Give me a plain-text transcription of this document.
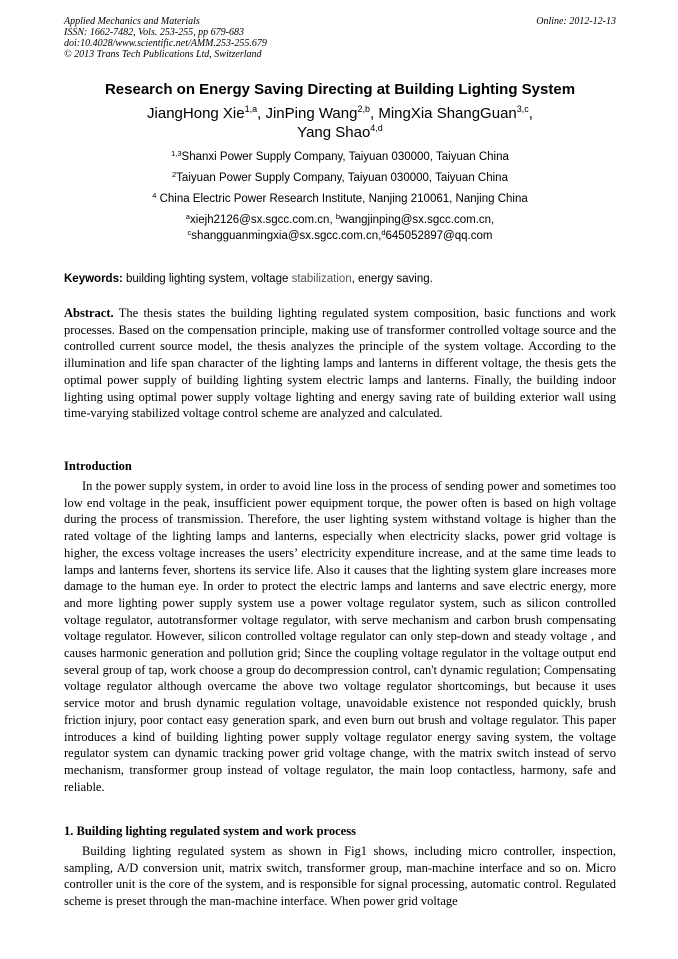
Applied Mechanics and Materials
ISSN: 1662-7482, Vols. 253-255, pp 679-683
doi:10.4028/www.scientific.net/AMM.253-255.679
© 2013 Trans Tech Publications Ltd, Switzerland
Online: 2012-12-13
Research on Energy Saving Directing at Building Lighting System
JiangHong Xie$^{1,a}$, JinPing Wang$^{2,b}$, MingXia ShangGuan$^{3,c}$,
Yang Shao$^{4,d}$
$^{1,3}$Shanxi Power Supply Company, Taiyuan 030000, Taiyuan China
$^2$Taiyuan Power Supply Company, Taiyuan 030000, Taiyuan China
$^4$ China Electric Power Research Institute, Nanjing 210061, Nanjing China
$^a$xiejh2126@sx.sgcc.com.cn, $^b$wangjinping@sx.sgcc.com.cn,
$^c$shangguanmingxia@sx.sgcc.com.cn,$^d$645052897@qq.com
Keywords: building lighting system, voltage stabilization, energy saving.
Abstract. The thesis states the building lighting regulated system composition, basic functions and work processes. Based on the compensation principle, making use of transformer controlled voltage source and the controlled current source model, the thesis analyzes the principle of the system voltage. According to the illumination and life span character of the lighting lamps and lanterns in different voltage, the thesis gets the optimal power supply of building lighting system electric lamps and lanterns. Finally, the building indoor lighting using optimal power supply voltage lighting and energy saving rate of building exterior wall using time-varying stabilized voltage control scheme are analyzed and calculated.
Introduction
In the power supply system, in order to avoid line loss in the process of sending power and sometimes too low end voltage in the peak, insufficient power equipment torque, the power often is based on high voltage during the process of transmission. Therefore, the user lighting system withstand voltage is higher than the rated voltage of the lighting lamps and lanterns, especially when electricity slacks, power grid voltage is higher, the excess voltage increases the users’ electricity expenditure increase, and at the same time leads to lamps and lanterns fever, shortens its service life. Also it causes that the lighting system glare increases more damage to the human eye. In order to protect the electric lamps and lanterns and save electric energy, more and more lighting power supply system use a power voltage regulator system, such as silicon controlled voltage regulator, autotransformer voltage regulator, with serve mechanism and carbon brush compensating voltage regulator. However, silicon controlled voltage regulator can only step-down and steady voltage , and causes harmonic generation and pollution grid; Since the coupling voltage regulator in the voltage output end several group of tap, work choose a group do decompression control, can't dynamic regulation; Compensating voltage regulator although overcame the above two voltage regulator shortcomings, but because it uses service motor and brush dynamic regulation voltage, unavoidable existence not responded quickly, brush friction injury, poor contact easy generation spark, and even burn out brush and voltage regulator. This paper introduces a kind of building lighting power supply voltage regulator energy saving system, the voltage regulator system can dynamic tracking power grid voltage change, with the matrix switch instead of servo mechanism, transformer group instead of voltage regulator, the main loop contactless, harmony, safe and reliable.
1. Building lighting regulated system and work process
Building lighting regulated system as shown in Fig1 shows, including micro controller, inspection, sampling, A/D conversion unit, matrix switch, transformer group, man-machine interface and so on. Micro controller unit is the core of the system, and is responsible for signal processing, automatic control. Regulated scheme is preset through the man-machine interface. When power grid voltage
